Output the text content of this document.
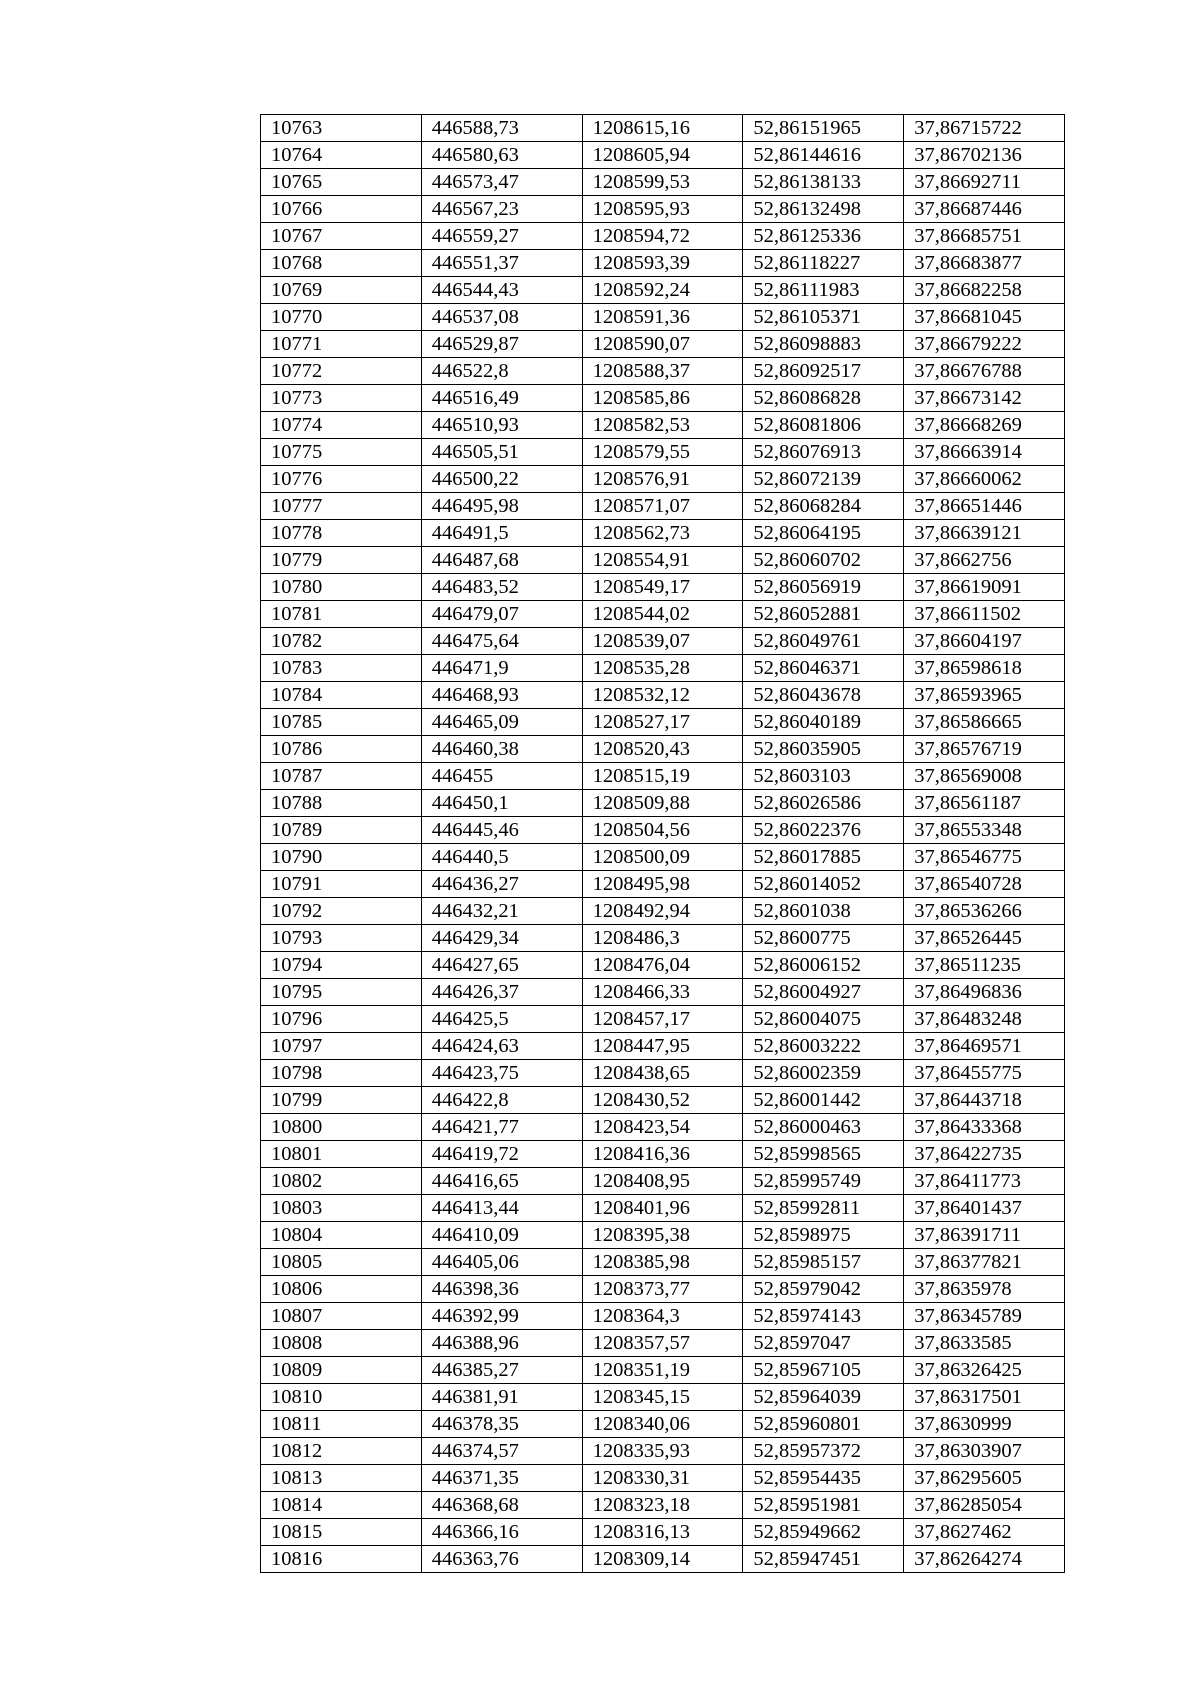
10763	446588,73	1208615,16	52,86151965	37,86715722
10764	446580,63	1208605,94	52,86144616	37,86702136
10765	446573,47	1208599,53	52,86138133	37,86692711
10766	446567,23	1208595,93	52,86132498	37,86687446
10767	446559,27	1208594,72	52,86125336	37,86685751
10768	446551,37	1208593,39	52,86118227	37,86683877
10769	446544,43	1208592,24	52,86111983	37,86682258
10770	446537,08	1208591,36	52,86105371	37,86681045
10771	446529,87	1208590,07	52,86098883	37,86679222
10772	446522,8	1208588,37	52,86092517	37,86676788
10773	446516,49	1208585,86	52,86086828	37,86673142
10774	446510,93	1208582,53	52,86081806	37,86668269
10775	446505,51	1208579,55	52,86076913	37,86663914
10776	446500,22	1208576,91	52,86072139	37,86660062
10777	446495,98	1208571,07	52,86068284	37,86651446
10778	446491,5	1208562,73	52,86064195	37,86639121
10779	446487,68	1208554,91	52,86060702	37,8662756
10780	446483,52	1208549,17	52,86056919	37,86619091
10781	446479,07	1208544,02	52,86052881	37,86611502
10782	446475,64	1208539,07	52,86049761	37,86604197
10783	446471,9	1208535,28	52,86046371	37,86598618
10784	446468,93	1208532,12	52,86043678	37,86593965
10785	446465,09	1208527,17	52,86040189	37,86586665
10786	446460,38	1208520,43	52,86035905	37,86576719
10787	446455	1208515,19	52,8603103	37,86569008
10788	446450,1	1208509,88	52,86026586	37,86561187
10789	446445,46	1208504,56	52,86022376	37,86553348
10790	446440,5	1208500,09	52,86017885	37,86546775
10791	446436,27	1208495,98	52,86014052	37,86540728
10792	446432,21	1208492,94	52,8601038	37,86536266
10793	446429,34	1208486,3	52,8600775	37,86526445
10794	446427,65	1208476,04	52,86006152	37,86511235
10795	446426,37	1208466,33	52,86004927	37,86496836
10796	446425,5	1208457,17	52,86004075	37,86483248
10797	446424,63	1208447,95	52,86003222	37,86469571
10798	446423,75	1208438,65	52,86002359	37,86455775
10799	446422,8	1208430,52	52,86001442	37,86443718
10800	446421,77	1208423,54	52,86000463	37,86433368
10801	446419,72	1208416,36	52,85998565	37,86422735
10802	446416,65	1208408,95	52,85995749	37,86411773
10803	446413,44	1208401,96	52,85992811	37,86401437
10804	446410,09	1208395,38	52,8598975	37,86391711
10805	446405,06	1208385,98	52,85985157	37,86377821
10806	446398,36	1208373,77	52,85979042	37,8635978
10807	446392,99	1208364,3	52,85974143	37,86345789
10808	446388,96	1208357,57	52,8597047	37,8633585
10809	446385,27	1208351,19	52,85967105	37,86326425
10810	446381,91	1208345,15	52,85964039	37,86317501
10811	446378,35	1208340,06	52,85960801	37,8630999
10812	446374,57	1208335,93	52,85957372	37,86303907
10813	446371,35	1208330,31	52,85954435	37,86295605
10814	446368,68	1208323,18	52,85951981	37,86285054
10815	446366,16	1208316,13	52,85949662	37,8627462
10816	446363,76	1208309,14	52,85947451	37,86264274
